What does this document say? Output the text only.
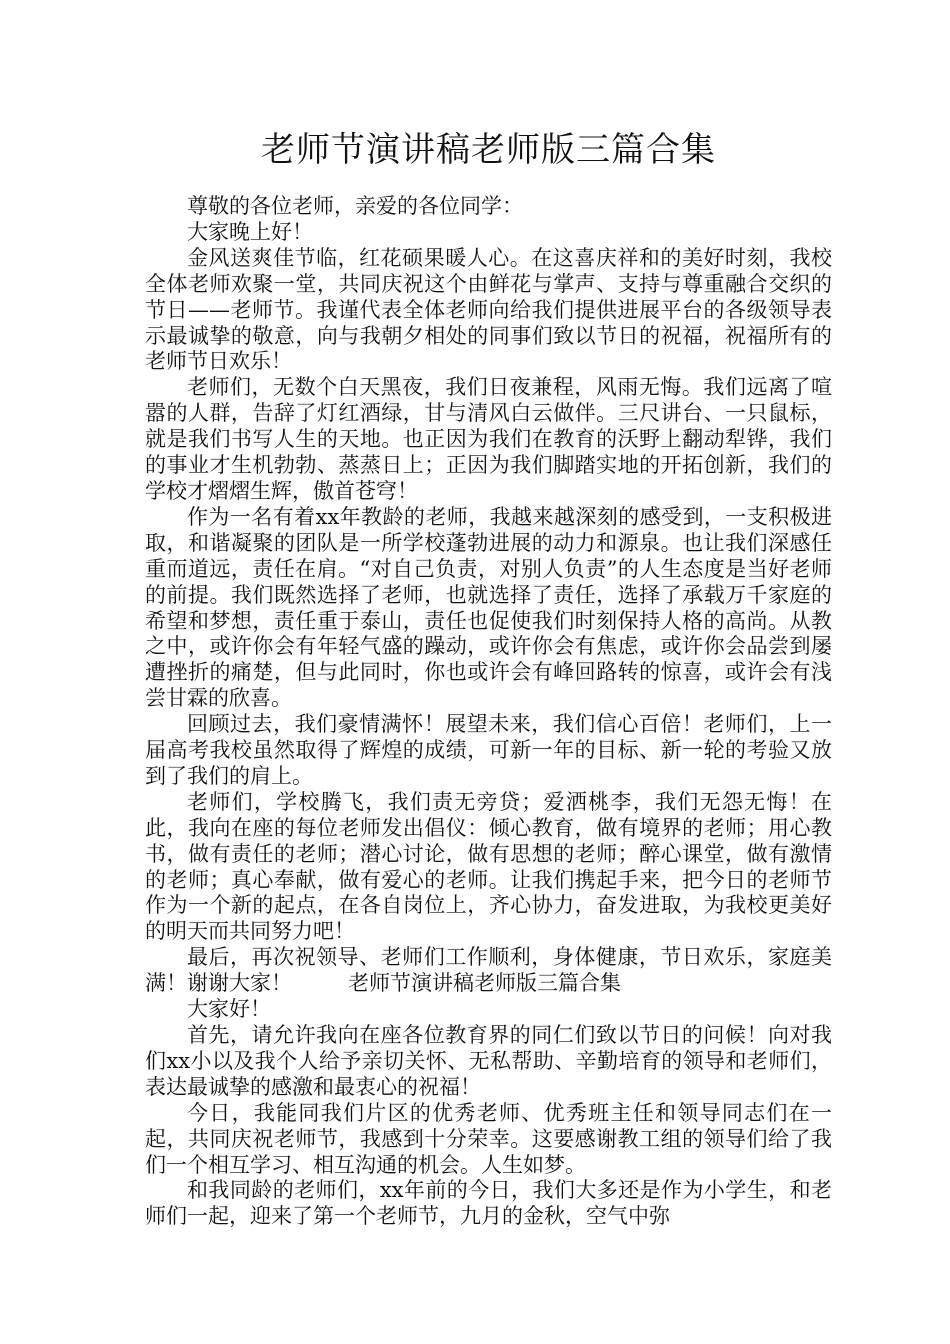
老师节演讲稿老师版三篇合集

尊敬的各位老师，亲爱的各位同学：

大家晚上好！

金风送爽佳节临，红花硕果暖人心。在这喜庆祥和的美好时刻，我校全体老师欢聚一堂，共同庆祝这个由鲜花与掌声、支持与尊重融合交织的节日——老师节。我谨代表全体老师向给我们提供进展平台的各级领导表示最诚挚的敬意，向与我朝夕相处的同事们致以节日的祝福，祝福所有的老师节日欢乐！

老师们，无数个白天黑夜，我们日夜兼程，风雨无悔。我们远离了喧嚣的人群，告辞了灯红酒绿，甘与清风白云做伴。三尺讲台、一只鼠标，就是我们书写人生的天地。也正因为我们在教育的沃野上翻动犁铧，我们的事业才生机勃勃、蒸蒸日上；正因为我们脚踏实地的开拓创新，我们的学校才熠熠生辉，傲首苍穹！

作为一名有着xx年教龄的老师，我越来越深刻的感受到，一支积极进取，和谐凝聚的团队是一所学校蓬勃进展的动力和源泉。也让我们深感任重而道远，责任在肩。“对自己负责，对别人负责”的人生态度是当好老师的前提。我们既然选择了老师，也就选择了责任，选择了承载万千家庭的希望和梦想，责任重于泰山，责任也促使我们时刻保持人格的高尚。从教之中，或许你会有年轻气盛的躁动，或许你会有焦虑，或许你会品尝到屡遭挫折的痛楚，但与此同时，你也或许会有峰回路转的惊喜，或许会有浅尝甘霖的欣喜。

回顾过去，我们豪情满怀！展望未来，我们信心百倍！老师们，上一届高考我校虽然取得了辉煌的成绩，可新一年的目标、新一轮的考验又放到了我们的肩上。

老师们，学校腾飞，我们责无旁贷；爱洒桃李，我们无怨无悔！在此，我向在座的每位老师发出倡仪：倾心教育，做有境界的老师；用心教书，做有责任的老师；潜心讨论，做有思想的老师；醉心课堂，做有激情的老师；真心奉献，做有爱心的老师。让我们携起手来，把今日的老师节作为一个新的起点，在各自岗位上，齐心协力，奋发进取，为我校更美好的明天而共同努力吧！

最后，再次祝领导、老师们工作顺利，身体健康，节日欢乐，家庭美满！谢谢大家！	老师节演讲稿老师版三篇合集

大家好！

首先，请允许我向在座各位教育界的同仁们致以节日的问候！向对我们xx小以及我个人给予亲切关怀、无私帮助、辛勤培育的领导和老师们，表达最诚挚的感激和最衷心的祝福！

今日，我能同我们片区的优秀老师、优秀班主任和领导同志们在一起，共同庆祝老师节，我感到十分荣幸。这要感谢教工组的领导们给了我们一个相互学习、相互沟通的机会。人生如梦。

和我同龄的老师们，xx年前的今日，我们大多还是作为小学生，和老师们一起，迎来了第一个老师节，九月的金秋，空气中弥
